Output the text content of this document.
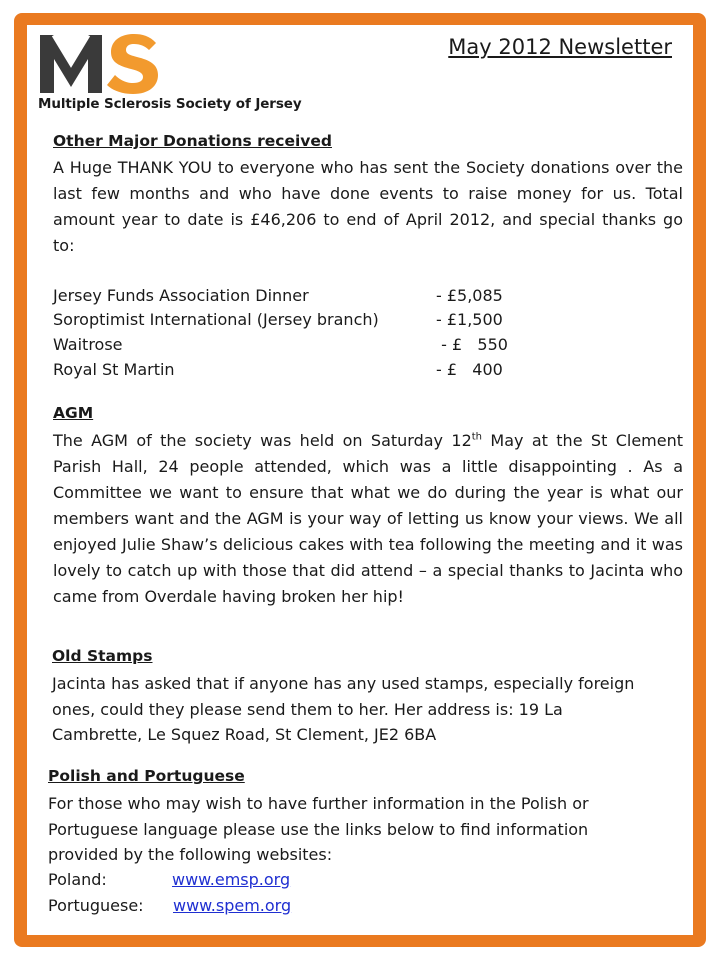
Multiple Sclerosis Society of Jersey
May 2012 Newsletter
Other Major Donations received
A Huge THANK YOU to everyone who has sent the Society donations over the last few months and who have done events to raise money for us. Total amount year to date is £46,206 to end of April 2012, and special thanks go to:
Jersey Funds Association Dinner	- £5,085
Soroptimist International (Jersey branch)	- £1,500
Waitrose	- £   550
Royal St Martin	- £   400
AGM
The AGM of the society was held on Saturday 12th May at the St Clement Parish Hall, 24 people attended, which was a little disappointing . As a Committee we want to ensure that what we do during the year is what our members want and the AGM is your way of letting us know your views. We all enjoyed Julie Shaw’s delicious cakes with tea following the meeting and it was lovely to catch up with those that did attend – a special thanks to Jacinta who came from Overdale having broken her hip!
Old Stamps
Jacinta has asked that if anyone has any used stamps, especially foreign
ones, could they please send them to her. Her address is: 19 La
Cambrette, Le Squez Road, St Clement, JE2 6BA
Polish and Portuguese
For those who may wish to have further information in the Polish or
Portuguese language please use the links below to find information
provided by the following websites:
Poland:	www.emsp.org
Portuguese: www.spem.org
